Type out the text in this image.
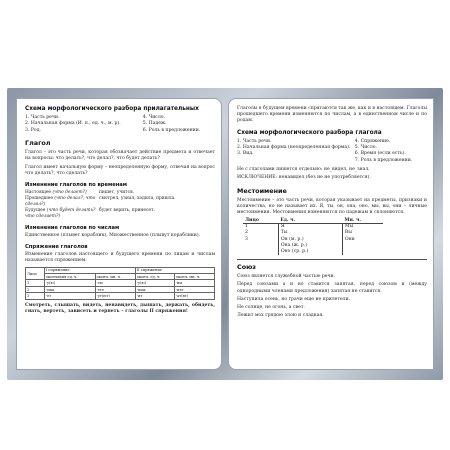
Схема морфологического разбора прилагательных
1. Часть речи.
2. Начальная форма (И. п., ед. ч., м. р).
3. Род.
4. Число.
5. Падеж.
6. Роль в предложении.
Глагол

Глагол – это часть речи, которая обозначает действие предмета и отвечает на вопросы: что делать?, что делал?, что будет делать?

Глагол имеет начальную форму – неопределенную форму, отвечая на вопрос что делать?, что сделать?

Изменение глаголов по временам
Настоящее (что делает?)	пишет, учится.
Прошедшее (что делал?, что сделал?)
смотрел, узнал, ходила, пришла.
Будущее (что будет делать? что сделает?)
будет верить, принесет.
Изменение глаголов по числам

Единственное (плывет кораблик), Множественное (плывут кораблики).

Спряжение глаголов

Изменение глаголов настоящего и будущего времени по лицам и числам называется спряжением.

Лицо	I спряжение		II спряжение	
	окончания ед. ч.	оконч. мн. ч.	оконч. ед. ч.	оконч. мн. ч.
1	-у(ю)	-ем	-у(ю)	-им
2	-ешь	-ете	-ишь	-ите
3	-ет	-ут(ют)	-ит	-ат(ят)

Смотреть, слышать, видеть, ненавидеть, дышать, держать, обидеть, гнать, вертеть, зависеть и терпеть – глаголы II спряжения!

Глаголы в будущем времени спрягаются так же, как и в настоящем. Глаголы прошедшего времени изменяются по числам, а в единственном числе и по родам.

Схема морфологического разбора глагола
1. Часть речи.
2. Начальная форма (неопределенная форма).
3. Вид.
4. Спряжение.
5. Число.
6. Время (если есть).
7. Роль в предложении.

Не с глаголами пишется отдельно: не_видел, не_знал.

ИСКЛЮЧЕНИЕ: ненавидел (без не не употребляется).

Местоимение

Местоимение – это часть речи, которая указывает на предметы, признаки и количества, но не называет их. Я, ты, он, она, оно, мы, вы, они – личные местоимения. Местоимения изменяются по падежам и склоняются.

Лицо	Ед. ч.	Мн. ч.
1	Я	Мы
2	Ты	Вы
3	Он (м. р.)	Они
	Она (ж. р.)	
	Оно (ср. р.)	
Союз

Союз является служебной частью речи.

Перед союзами а и но ставится запятая, перед союзом и (между однородными членами предложения) запятая не ставится.

Наступила осень, но грачи еще не прилетели.

Не солнце, не огонь, а свет.

Лежит мох грядою злою и сладкая.
